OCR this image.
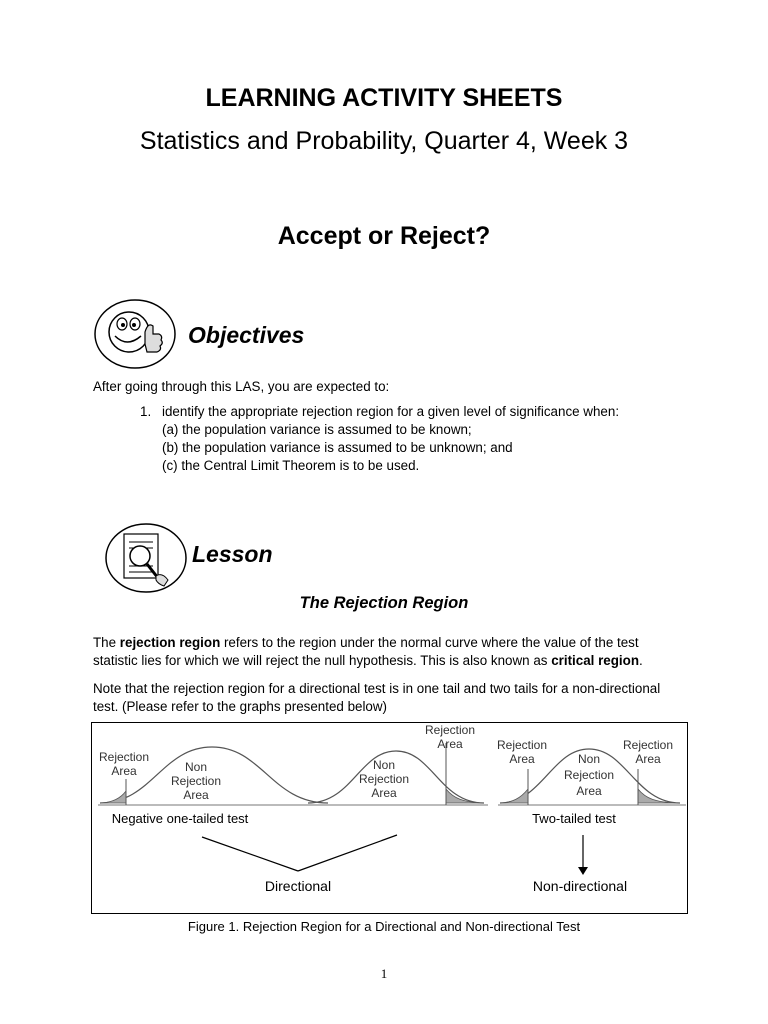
LEARNING ACTIVITY SHEETS
Statistics and Probability, Quarter 4, Week 3
Accept or Reject?
Objectives
After going through this LAS, you are expected to:
1. identify the appropriate rejection region for a given level of significance when:
(a) the population variance is assumed to be known;
(b) the population variance is assumed to be unknown; and
(c) the Central Limit Theorem is to be used.
Lesson
The Rejection Region

The rejection region refers to the region under the normal curve where the value of the test statistic lies for which we will reject the null hypothesis. This is also known as critical region.

Note that the rejection region for a directional test is in one tail and two tails for a non-directional test. (Please refer to the graphs presented below)

Rejection
Area	Non
Rejection
Area
Rejection
Area
Non
Rejection
Area
Rejection
Area
Rejection
Area
Non
Rejection
Area
Negative one-tailed test	Two-tailed test
Directional	Non-directional
Figure 1. Rejection Region for a Directional and Non-directional Test
1
